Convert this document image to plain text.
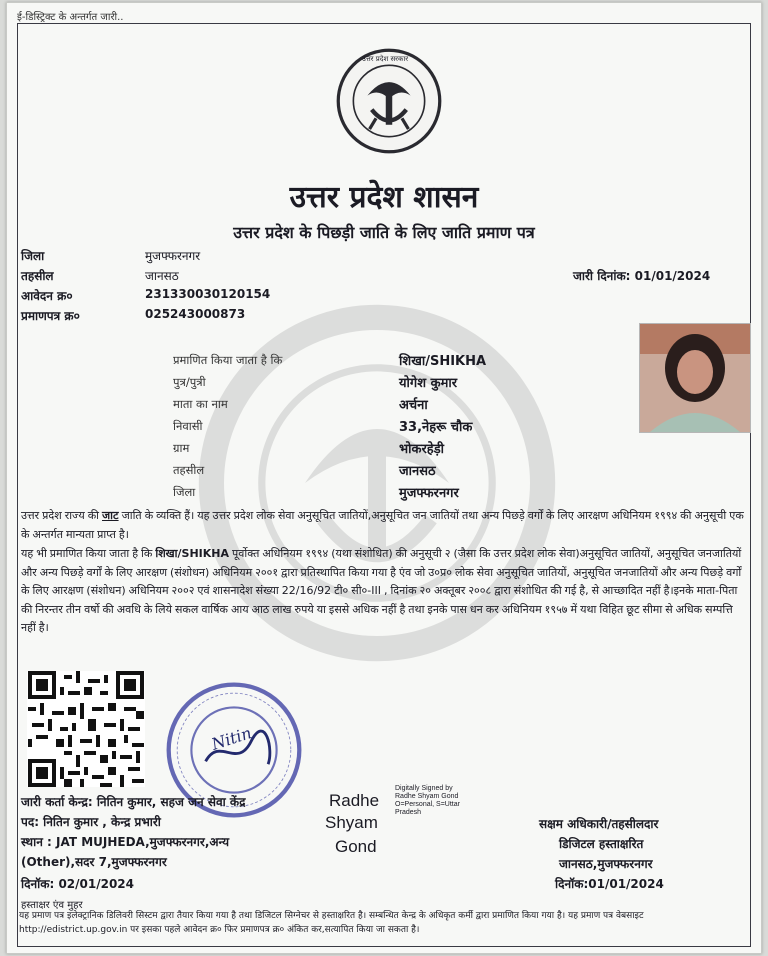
ई-डिस्ट्रिक्ट के अन्तर्गत जारी..
उत्तर प्रदेश सरकार
उत्तर प्रदेश शासन
उत्तर प्रदेश के पिछड़ी जाति के लिए जाति प्रमाण पत्र
जिला	मुजफ्फरनगर
तहसील	जानसठ
आवेदन क्र०	231330030120154
प्रमाणपत्र क्र०	025243000873
जारी दिनांक: 01/01/2024
प्रमाणित किया जाता है कि	शिखा/SHIKHA
पुत्र/पुत्री	योगेश कुमार
माता का नाम	अर्चना
निवासी	33,नेहरू चौक
ग्राम	भोकरहेड़ी
तहसील	जानसठ
जिला	मुजफ्फरनगर
उत्तर प्रदेश राज्य की जाट जाति के व्यक्ति हैं। यह उत्तर प्रदेश लोक सेवा अनुसूचित जातियों,अनुसूचित जन जातियों तथा अन्य पिछड़े वर्गों के लिए आरक्षण अधिनियम १९९४ की अनुसूची एक के अन्तर्गत मान्यता प्राप्त है।
यह भी प्रमाणित किया जाता है कि शिखा/SHIKHA पूर्वोक्त अधिनियम १९९४ (यथा संशोधित) की अनुसूची २ (जैसा कि उत्तर प्रदेश लोक सेवा)अनुसूचित जातियों, अनुसूचित जनजातियों और अन्य पिछड़े वर्गों के लिए आरक्षण (संशोधन) अधिनियम २००१ द्वारा प्रतिस्थापित किया गया है एंव जो उ०प्र० लोक सेवा अनुसूचित जातियों, अनुसूचित जनजातियों और अन्य पिछड़े वर्गों के लिए आरक्षण (संशोधन) अधिनियम २००२ एवं शासनादेश संख्या 22/16/92 टी० सी०-III , दिनांक २० अक्तूबर २००८ द्वारा संशोधित की गई है, से आच्छादित नहीं है।इनके माता-पिता की निरन्तर तीन वर्षो की अवधि के लिये सकल वार्षिक आय आठ लाख रुपये या इससे अधिक नहीं है तथा इनके पास धन कर अधिनियम १९५७ में यथा विहित छूट सीमा से अधिक सम्पत्ति नहीं है।
Nitin
जारी कर्ता केन्द्र: नितिन कुमार, सहज जन सेवा केंद्र
पद: नितिन कुमार , केन्द्र प्रभारी
स्थान : JAT MUJHEDA,मुजफ्फरनगर,अन्य
(Other),सदर 7,मुजफ्फरनगर
दिनॉक: 02/01/2024
हस्ताक्षर एंव मुहर
Radhe
Shyam
Gond
Digitally Signed by
Radhe Shyam Gond
O=Personal, S=Uttar
Pradesh
सक्षम अधिकारी/तहसीलदार
डिजिटल हस्ताक्षरित
जानसठ,मुजफ्फरनगर
दिनॉक:01/01/2024
यह प्रमाण पत्र इलेक्ट्रानिक डिलिवरी सिस्टम द्वारा तैयार किया गया है तथा डिजिटल सिग्नेचर से हस्ताक्षरित है। सम्बन्धित केन्द्र के अधिकृत कर्मी द्वारा प्रमाणित किया गया है। यह प्रमाण पत्र वेबसाइट http://edistrict.up.gov.in पर इसका पहले आवेदन क्र० फिर प्रमाणपत्र क्र० अंकित कर,सत्यापित किया जा सकता है।
